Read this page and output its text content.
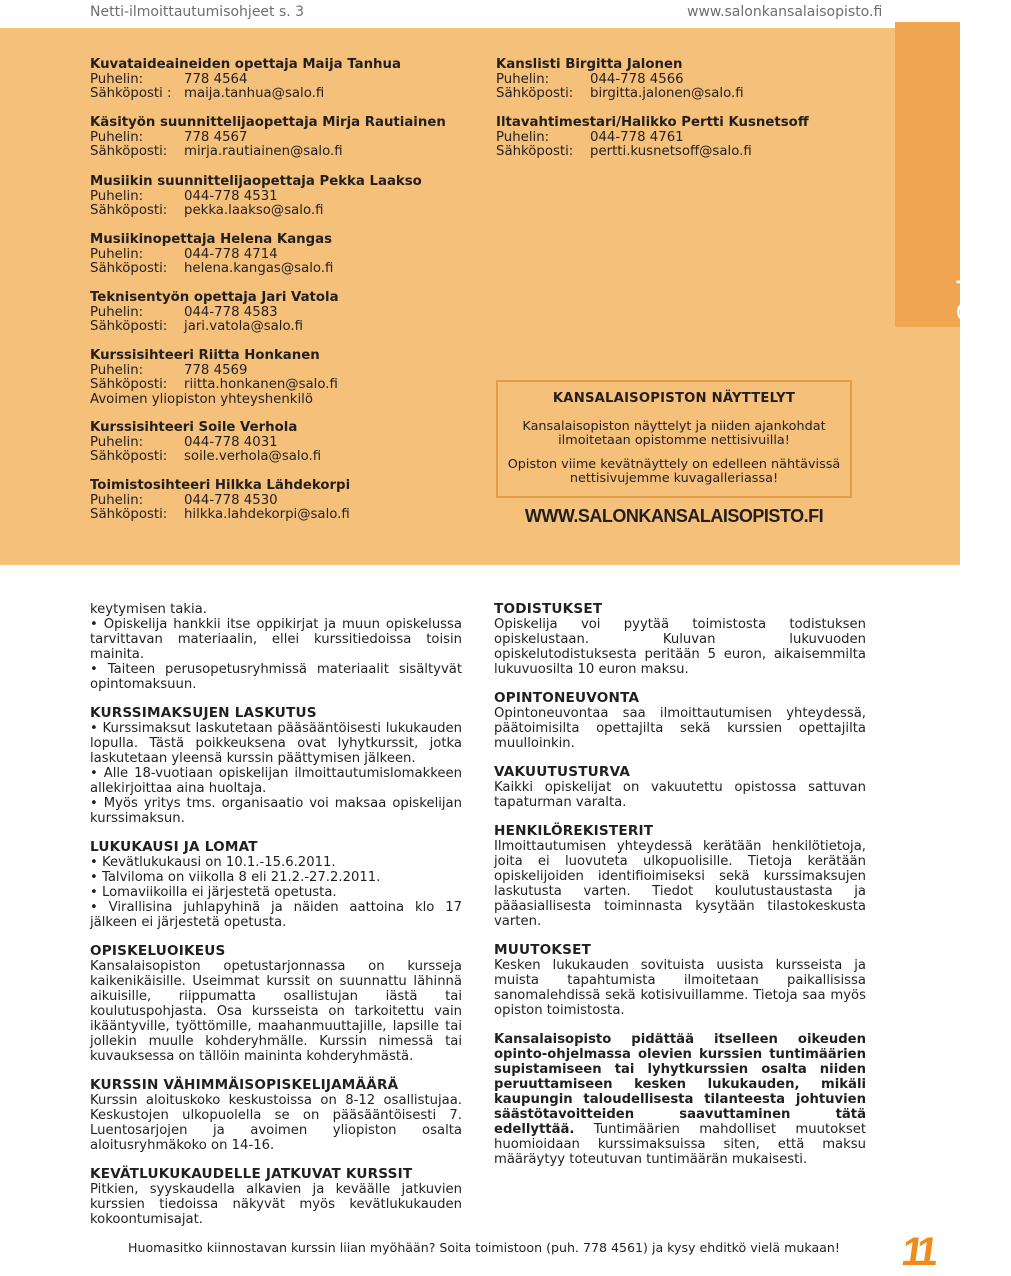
Netti-ilmoittautumisohjeet s. 3	www.salonkansalaisopisto.fi
Kuvataideaineiden opettaja Maija Tanhua
Puhelin:	778 4564
Sähköposti : maija.tanhua@salo.fi
Käsityön suunnittelijaopettaja Mirja Rautiainen
Puhelin:	778 4567
Sähköposti: mirja.rautiainen@salo.fi
Musiikin suunnittelijaopettaja Pekka Laakso
Puhelin:	044-778 4531
Sähköposti: pekka.laakso@salo.fi
Musiikinopettaja Helena Kangas
Puhelin:	044-778 4714
Sähköposti: helena.kangas@salo.fi
Teknisentyön opettaja Jari Vatola
Puhelin:	044-778 4583
Sähköposti: jari.vatola@salo.fi
Kurssisihteeri Riitta Honkanen
Puhelin:	778 4569
Sähköposti: riitta.honkanen@salo.fi
Avoimen yliopiston yhteyshenkilö
Kurssisihteeri Soile Verhola
Puhelin:	044-778 4031
Sähköposti: soile.verhola@salo.fi
Toimistosihteeri Hilkka Lähdekorpi
Puhelin:	044-778 4530
Sähköposti: hilkka.lahdekorpi@salo.fi
Kanslisti Birgitta Jalonen
Puhelin:	044-778 4566
Sähköposti: birgitta.jalonen@salo.fi
Iltavahtimestari/Halikko Pertti Kusnetsoff
Puhelin:	044-778 4761
Sähköposti: pertti.kusnetsoff@salo.fi
Salon
kansalaisopisto
KANSALAISOPISTON NÄYTTELYT

Kansalaisopiston näyttelyt ja niiden ajankohdat ilmoitetaan opistomme nettisivuilla!

Opiston viime kevätnäyttely on edelleen nähtävissä nettisivujemme kuvagalleriassa!

WWW.SALONKANSALAISOPISTO.FI

keytymisen takia.

• Opiskelija hankkii itse oppikirjat ja muun opiskelussa tarvittavan materiaalin, ellei kurssitiedoissa toisin mainita.

• Taiteen perusopetusryhmissä materiaalit sisältyvät opintomaksuun.

KURSSIMAKSUJEN LASKUTUS

• Kurssimaksut laskutetaan pääsääntöisesti lukukauden lopulla. Tästä poikkeuksena ovat lyhytkurssit, jotka laskutetaan yleensä kurssin päättymisen jälkeen.

• Alle 18-vuotiaan opiskelijan ilmoittautumislomakkeen allekirjoittaa aina huoltaja.

• Myös yritys tms. organisaatio voi maksaa opiskelijan kurssimaksun.

LUKUKAUSI JA LOMAT

• Kevätlukukausi on 10.1.-15.6.2011.

• Talviloma on viikolla 8 eli 21.2.-27.2.2011.

• Lomaviikoilla ei järjestetä opetusta.

• Virallisina juhlapyhinä ja näiden aattoina klo 17 jälkeen ei järjestetä opetusta.

OPISKELUOIKEUS

Kansalaisopiston opetustarjonnassa on kursseja kaikenikäisille. Useimmat kurssit on suunnattu lähinnä aikuisille, riippumatta osallistujan iästä tai koulutuspohjasta. Osa kursseista on tarkoitettu vain ikääntyville, työttömille, maahanmuuttajille, lapsille tai jollekin muulle kohderyhmälle. Kurssin nimessä tai kuvauksessa on tällöin maininta kohderyhmästä.

KURSSIN VÄHIMMÄISOPISKELIJAMÄÄRÄ

Kurssin aloituskoko keskustoissa on 8-12 osallistujaa. Keskustojen ulkopuolella se on pääsääntöisesti 7. Luentosarjojen ja avoimen yliopiston osalta aloitusryhmäkoko on 14-16.

KEVÄTLUKUKAUDELLE JATKUVAT KURSSIT

Pitkien, syyskaudella alkavien ja keväälle jatkuvien kurssien tiedoissa näkyvät myös kevätlukukauden kokoontumisajat.

TODISTUKSET

Opiskelija voi pyytää toimistosta todistuksen opiskelustaan. Kuluvan lukuvuoden opiskelutodistuksesta peritään 5 euron, aikaisemmilta lukuvuosilta 10 euron maksu.

OPINTONEUVONTA

Opintoneuvontaa saa ilmoittautumisen yhteydessä, päätoimisilta opettajilta sekä kurssien opettajilta muulloinkin.

VAKUUTUSTURVA

Kaikki opiskelijat on vakuutettu opistossa sattuvan tapaturman varalta.

HENKILÖREKISTERIT

Ilmoittautumisen yhteydessä kerätään henkilötietoja, joita ei luovuteta ulkopuolisille. Tietoja kerätään opiskelijoiden identifioimiseksi sekä kurssimaksujen laskutusta varten. Tiedot koulutustaustasta ja pääasiallisesta toiminnasta kysytään tilastokeskusta varten.

MUUTOKSET

Kesken lukukauden sovituista uusista kursseista ja muista tapahtumista ilmoitetaan paikallisissa sanomalehdissä sekä kotisivuillamme. Tietoja saa myös opiston toimistosta.

Kansalaisopisto pidättää itselleen oikeuden opinto-ohjelmassa olevien kurssien tuntimäärien supistamiseen tai lyhytkurssien osalta niiden peruuttamiseen kesken lukukauden, mikäli kaupungin taloudellisesta tilanteesta johtuvien säästötavoitteiden saavuttaminen tätä edellyttää. Tuntimäärien mahdolliset muutokset huomioidaan kurssimaksuissa siten, että maksu määräytyy toteutuvan tuntimäärän mukaisesti.

Huomasitko kiinnostavan kurssin liian myöhään? Soita toimistoon (puh. 778 4561) ja kysy ehditkö vielä mukaan! 11
